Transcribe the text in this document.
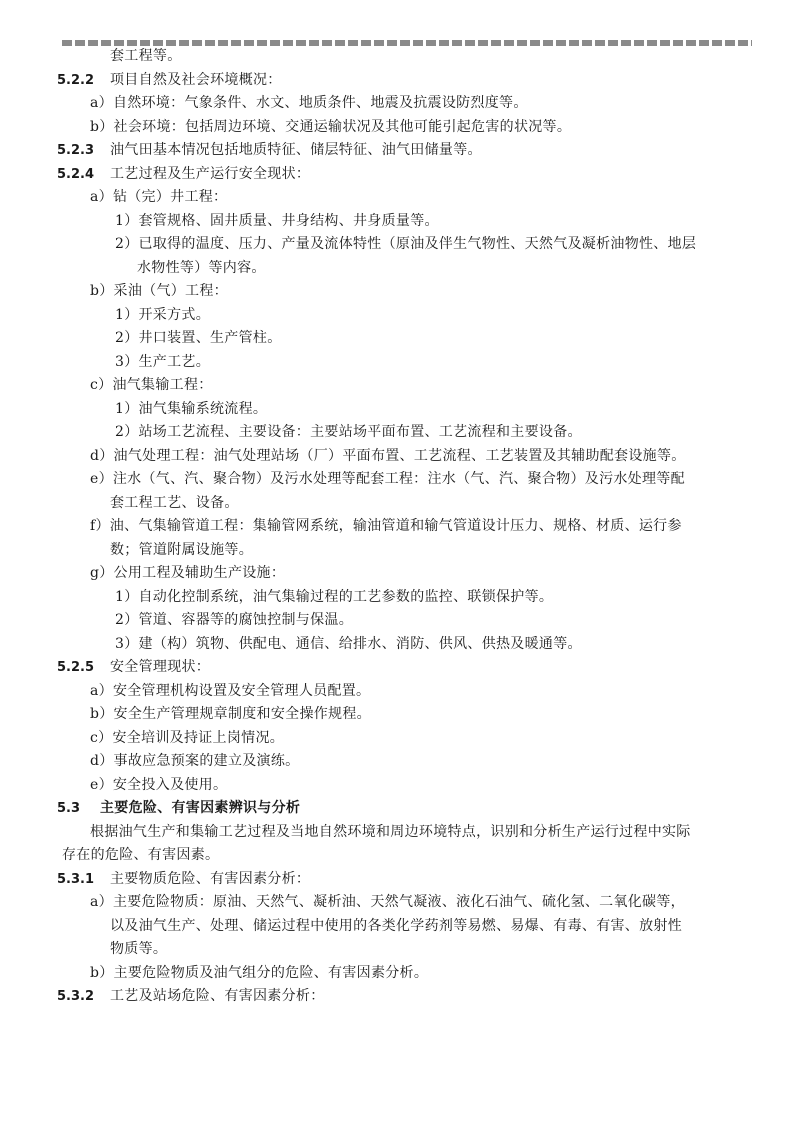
套工程等。
5.2.2 项目自然及社会环境概况：
a）自然环境：气象条件、水文、地质条件、地震及抗震设防烈度等。
b）社会环境：包括周边环境、交通运输状况及其他可能引起危害的状况等。
5.2.3 油气田基本情况包括地质特征、储层特征、油气田储量等。
5.2.4 工艺过程及生产运行安全现状：
a）钻（完）井工程：
1）套管规格、固井质量、井身结构、井身质量等。
2）已取得的温度、压力、产量及流体特性（原油及伴生气物性、天然气及凝析油物性、地层
水物性等）等内容。
b）采油（气）工程：
1）开采方式。
2）井口装置、生产管柱。
3）生产工艺。
c）油气集输工程：
1）油气集输系统流程。
2）站场工艺流程、主要设备：主要站场平面布置、工艺流程和主要设备。
d）油气处理工程：油气处理站场（厂）平面布置、工艺流程、工艺装置及其辅助配套设施等。
e）注水（气、汽、聚合物）及污水处理等配套工程：注水（气、汽、聚合物）及污水处理等配
套工程工艺、设备。
f）油、气集输管道工程：集输管网系统，输油管道和输气管道设计压力、规格、材质、运行参
数；管道附属设施等。
g）公用工程及辅助生产设施：
1）自动化控制系统，油气集输过程的工艺参数的监控、联锁保护等。
2）管道、容器等的腐蚀控制与保温。
3）建（构）筑物、供配电、通信、给排水、消防、供风、供热及暖通等。
5.2.5 安全管理现状：
a）安全管理机构设置及安全管理人员配置。
b）安全生产管理规章制度和安全操作规程。
c）安全培训及持证上岗情况。
d）事故应急预案的建立及演练。
e）安全投入及使用。
5.3 主要危险、有害因素辨识与分析
根据油气生产和集输工艺过程及当地自然环境和周边环境特点，识别和分析生产运行过程中实际
存在的危险、有害因素。
5.3.1 主要物质危险、有害因素分析：
a）主要危险物质：原油、天然气、凝析油、天然气凝液、液化石油气、硫化氢、二氧化碳等，
以及油气生产、处理、储运过程中使用的各类化学药剂等易燃、易爆、有毒、有害、放射性
物质等。
b）主要危险物质及油气组分的危险、有害因素分析。
5.3.2 工艺及站场危险、有害因素分析：
